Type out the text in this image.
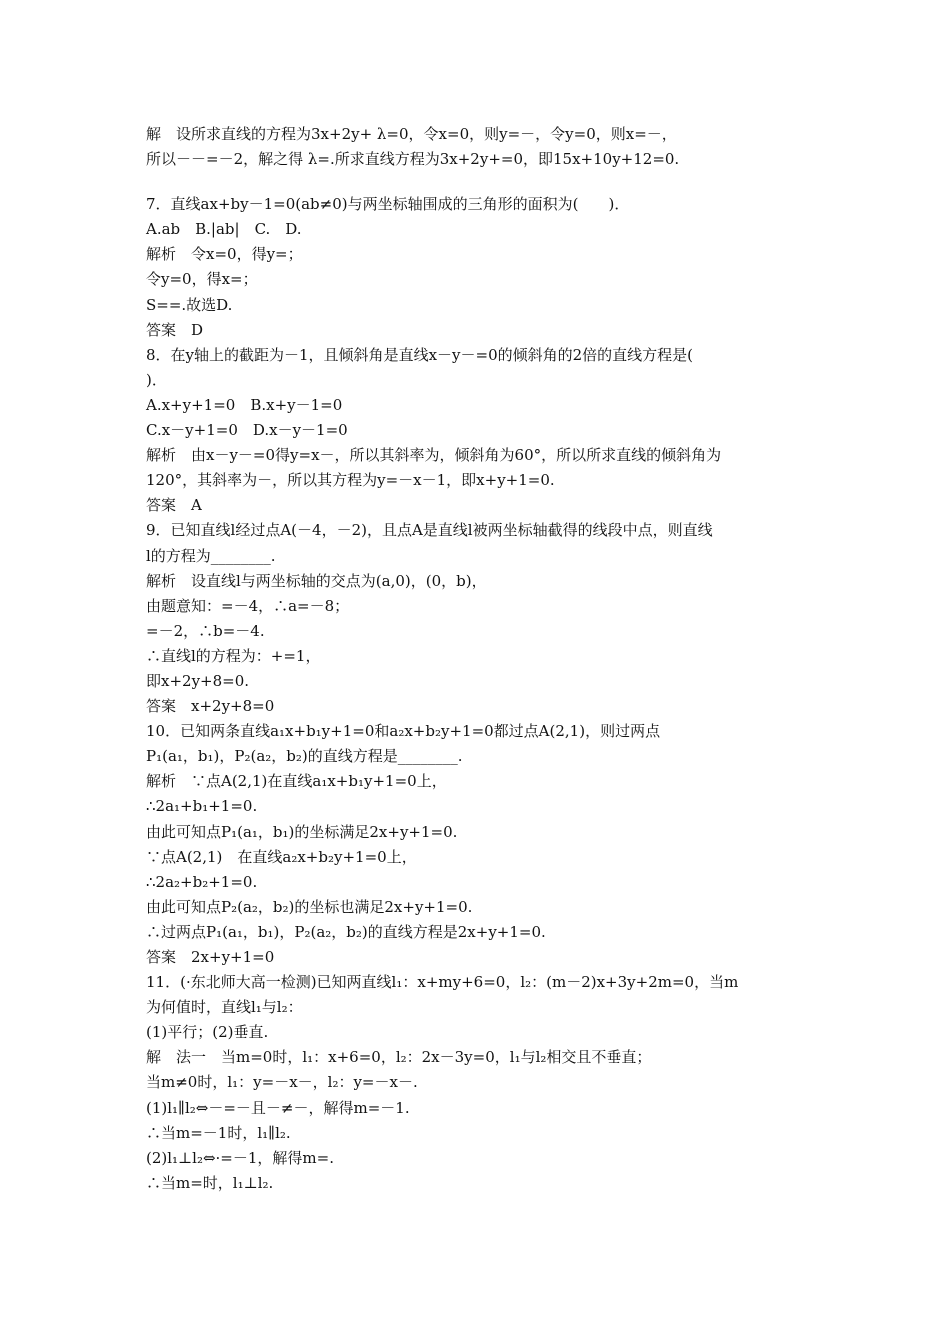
解　设所求直线的方程为3x+2y+ λ=0，令x=0，则y=－，令y=0，则x=－，
所以－－=－2，解之得 λ=.所求直线方程为3x+2y+=0，即15x+10y+12=0.
7．直线ax+by－1=0(ab≠0)与两坐标轴围成的三角形的面积为(　　)．
A.ab　B.|ab|　C.　D.
解析　令x=0，得y=；
令y=0，得x=；
S==.故选D.
答案　D
8．在y轴上的截距为－1，且倾斜角是直线x－y－=0的倾斜角的2倍的直线方程是(
)．
A.x+y+1=0　B.x+y－1=0
C.x－y+1=0　D.x－y－1=0
解析　由x－y－=0得y=x－，所以其斜率为，倾斜角为60°，所以所求直线的倾斜角为
120°，其斜率为－，所以其方程为y=－x－1，即x+y+1=0.
答案　A
9．已知直线l经过点A(－4，－2)，且点A是直线l被两坐标轴截得的线段中点，则直线
l的方程为________.
解析　设直线l与两坐标轴的交点为(a,0)，(0，b)，
由题意知：=－4，∴a=－8；
=－2，∴b=－4.
∴直线l的方程为：+=1，
即x+2y+8=0.
答案　x+2y+8=0
10．已知两条直线a₁x+b₁y+1=0和a₂x+b₂y+1=0都过点A(2,1)，则过两点
P₁(a₁，b₁)，P₂(a₂，b₂)的直线方程是________.
解析　∵点A(2,1)在直线a₁x+b₁y+1=0上，
∴2a₁+b₁+1=0.
由此可知点P₁(a₁，b₁)的坐标满足2x+y+1=0.
∵点A(2,1)　在直线a₂x+b₂y+1=0上，
∴2a₂+b₂+1=0.
由此可知点P₂(a₂，b₂)的坐标也满足2x+y+1=0.
∴过两点P₁(a₁，b₁)，P₂(a₂，b₂)的直线方程是2x+y+1=0.
答案　2x+y+1=0
11．(·东北师大高一检测)已知两直线l₁：x+my+6=0，l₂：(m－2)x+3y+2m=0，当m
为何值时，直线l₁与l₂：
(1)平行；(2)垂直.
解　法一　当m=0时，l₁：x+6=0，l₂：2x－3y=0，l₁与l₂相交且不垂直；
当m≠0时，l₁：y=－x－，l₂：y=－x－.
(1)l₁∥l₂⇔－=－且－≠－，解得m=－1.
∴当m=－1时，l₁∥l₂.
(2)l₁⊥l₂⇔·=－1，解得m=.
∴当m=时，l₁⊥l₂.
